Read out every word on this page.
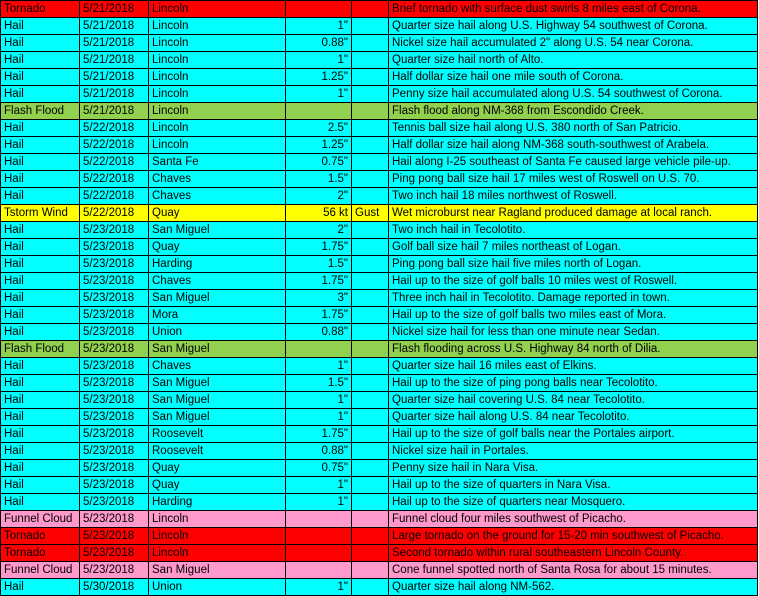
Tornado	5/21/2018	Lincoln			Brief tornado with surface dust swirls 8 miles east of Corona.
Hail	5/21/2018	Lincoln	1"		Quarter size hail along U.S. Highway 54 southwest of Corona.
Hail	5/21/2018	Lincoln	0.88"		Nickel size hail accumulated 2" along U.S. 54 near Corona.
Hail	5/21/2018	Lincoln	1"		Quarter size hail north of Alto.
Hail	5/21/2018	Lincoln	1.25"		Half dollar size hail one mile south of Corona.
Hail	5/21/2018	Lincoln	1"		Penny size hail accumulated along U.S. 54 southwest of Corona.
Flash Flood	5/21/2018	Lincoln			Flash flood along NM-368 from Escondido Creek.
Hail	5/22/2018	Lincoln	2.5"		Tennis ball size hail along U.S. 380 north of San Patricio.
Hail	5/22/2018	Lincoln	1.25"		Half dollar size hail along NM-368 south-southwest of Arabela.
Hail	5/22/2018	Santa Fe	0.75"		Hail along I-25 southeast of Santa Fe caused large vehicle pile-up.
Hail	5/22/2018	Chaves	1.5"		Ping pong ball size hail 17 miles west of Roswell on U.S. 70.
Hail	5/22/2018	Chaves	2"		Two inch hail 18 miles northwest of Roswell.
Tstorm Wind	5/22/2018	Quay	56 kt	Gust	Wet microburst near Ragland produced damage at local ranch.
Hail	5/23/2018	San Miguel	2"		Two inch hail in Tecolotito.
Hail	5/23/2018	Quay	1.75"		Golf ball size hail 7 miles northeast of Logan.
Hail	5/23/2018	Harding	1.5"		Ping pong ball size hail five miles north of Logan.
Hail	5/23/2018	Chaves	1.75"		Hail up to the size of golf balls 10 miles west of Roswell.
Hail	5/23/2018	San Miguel	3"		Three inch hail in Tecolotito. Damage reported in town.
Hail	5/23/2018	Mora	1.75"		Hail up to the size of golf balls two miles east of Mora.
Hail	5/23/2018	Union	0.88"		Nickel size hail for less than one minute near Sedan.
Flash Flood	5/23/2018	San Miguel			Flash flooding across U.S. Highway 84 north of Dilia.
Hail	5/23/2018	Chaves	1"		Quarter size hail 16 miles east of Elkins.
Hail	5/23/2018	San Miguel	1.5"		Hail up to the size of ping pong balls near Tecolotito.
Hail	5/23/2018	San Miguel	1"		Quarter size hail covering U.S. 84 near Tecolotito.
Hail	5/23/2018	San Miguel	1"		Quarter size hail along U.S. 84 near Tecolotito.
Hail	5/23/2018	Roosevelt	1.75"		Hail up to the size of golf balls near the Portales airport.
Hail	5/23/2018	Roosevelt	0.88"		Nickel size hail in Portales.
Hail	5/23/2018	Quay	0.75"		Penny size hail in Nara Visa.
Hail	5/23/2018	Quay	1"		Hail up to the size of quarters in Nara Visa.
Hail	5/23/2018	Harding	1"		Hail up to the size of quarters near Mosquero.
Funnel Cloud	5/23/2018	Lincoln			Funnel cloud four miles southwest of Picacho.
Tornado	5/23/2018	Lincoln			Large tornado on the ground for 15-20 min southwest of Picacho.
Tornado	5/23/2018	Lincoln			Second tornado within rural southeastern Lincoln County.
Funnel Cloud	5/23/2018	San Miguel			Cone funnel spotted north of Santa Rosa for about 15 minutes.
Hail	5/30/2018	Union	1"		Quarter size hail along NM-562.
